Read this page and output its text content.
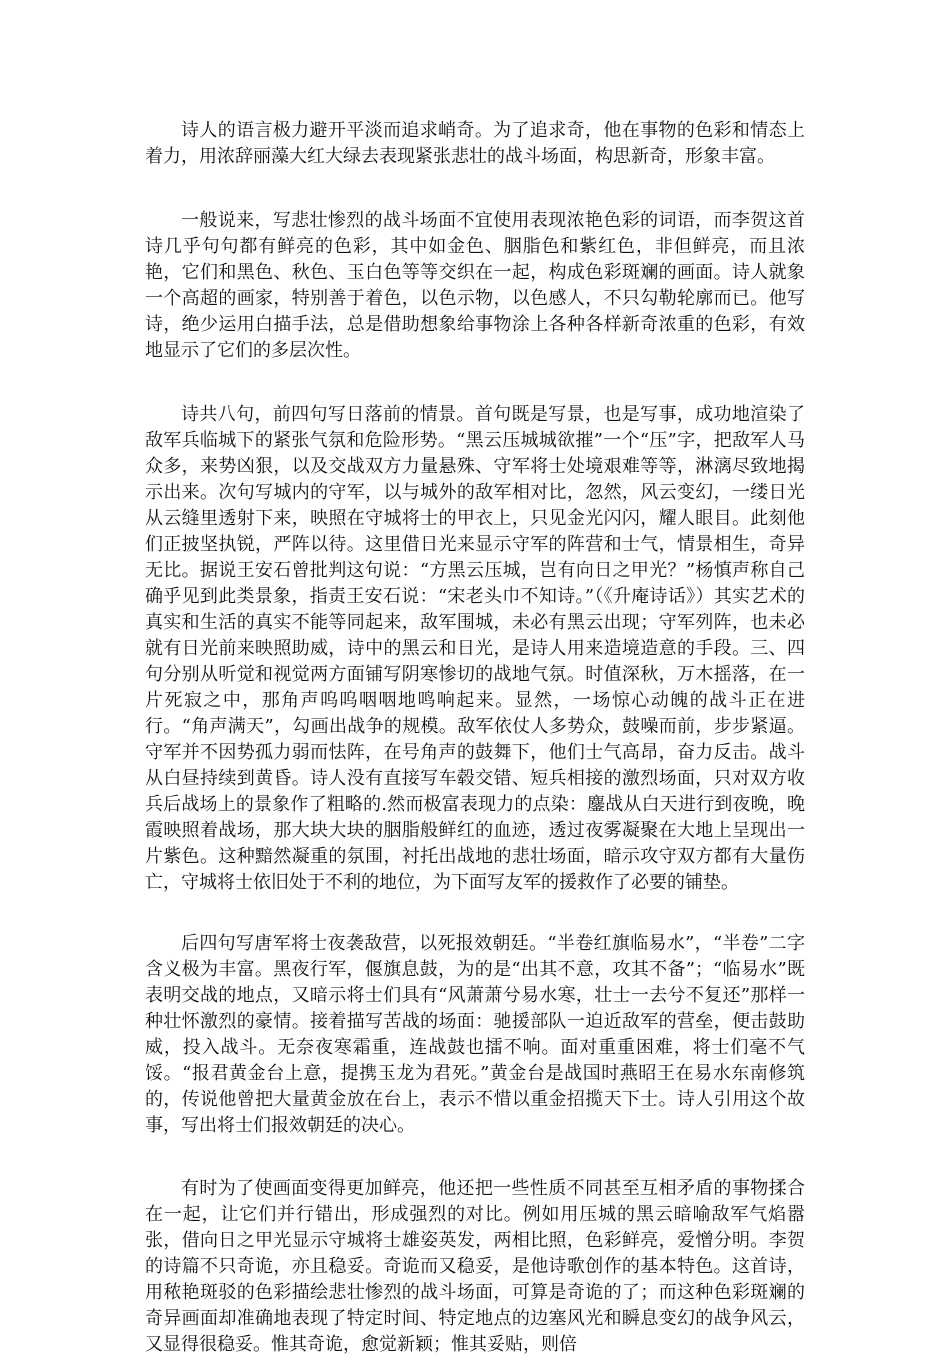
诗人的语言极力避开平淡而追求峭奇。为了追求奇，他在事物的色彩和情态上着力，用浓辞丽藻大红大绿去表现紧张悲壮的战斗场面，构思新奇，形象丰富。

一般说来，写悲壮惨烈的战斗场面不宜使用表现浓艳色彩的词语，而李贺这首诗几乎句句都有鲜亮的色彩，其中如金色、胭脂色和紫红色，非但鲜亮，而且浓艳，它们和黑色、秋色、玉白色等等交织在一起，构成色彩斑斓的画面。诗人就象一个高超的画家，特别善于着色，以色示物，以色感人，不只勾勒轮廓而已。他写诗，绝少运用白描手法，总是借助想象给事物涂上各种各样新奇浓重的色彩，有效地显示了它们的多层次性。

诗共八句，前四句写日落前的情景。首句既是写景，也是写事，成功地渲染了敌军兵临城下的紧张气氛和危险形势。“黑云压城城欲摧”一个“压”字，把敌军人马众多，来势凶狠，以及交战双方力量悬殊、守军将士处境艰难等等，淋漓尽致地揭示出来。次句写城内的守军，以与城外的敌军相对比，忽然，风云变幻，一缕日光从云缝里透射下来，映照在守城将士的甲衣上，只见金光闪闪，耀人眼目。此刻他们正披坚执锐，严阵以待。这里借日光来显示守军的阵营和士气，情景相生，奇异无比。据说王安石曾批判这句说：“方黑云压城，岂有向日之甲光？”杨慎声称自己确乎见到此类景象，指责王安石说：“宋老头巾不知诗。”（《升庵诗话》）其实艺术的真实和生活的真实不能等同起来，敌军围城，未必有黑云出现；守军列阵，也未必就有日光前来映照助威，诗中的黑云和日光，是诗人用来造境造意的手段。三、四句分别从听觉和视觉两方面铺写阴寒惨切的战地气氛。时值深秋，万木摇落，在一片死寂之中，那角声呜呜咽咽地鸣响起来。显然，一场惊心动魄的战斗正在进行。“角声满天”，勾画出战争的规模。敌军依仗人多势众，鼓噪而前，步步紧逼。守军并不因势孤力弱而怯阵，在号角声的鼓舞下，他们士气高昂，奋力反击。战斗从白昼持续到黄昏。诗人没有直接写车毂交错、短兵相接的激烈场面，只对双方收兵后战场上的景象作了粗略的.然而极富表现力的点染：鏖战从白天进行到夜晚，晚霞映照着战场，那大块大块的胭脂般鲜红的血迹，透过夜雾凝聚在大地上呈现出一片紫色。这种黯然凝重的氛围，衬托出战地的悲壮场面，暗示攻守双方都有大量伤亡，守城将士依旧处于不利的地位，为下面写友军的援救作了必要的铺垫。

后四句写唐军将士夜袭敌营，以死报效朝廷。“半卷红旗临易水”，“半卷”二字含义极为丰富。黑夜行军，偃旗息鼓，为的是“出其不意，攻其不备”；“临易水”既表明交战的地点，又暗示将士们具有“风萧萧兮易水寒，壮士一去兮不复还”那样一种壮怀激烈的豪情。接着描写苦战的场面：驰援部队一迫近敌军的营垒，便击鼓助威，投入战斗。无奈夜寒霜重，连战鼓也擂不响。面对重重困难，将士们毫不气馁。“报君黄金台上意，提携玉龙为君死。”黄金台是战国时燕昭王在易水东南修筑的，传说他曾把大量黄金放在台上，表示不惜以重金招揽天下士。诗人引用这个故事，写出将士们报效朝廷的决心。

有时为了使画面变得更加鲜亮，他还把一些性质不同甚至互相矛盾的事物揉合在一起，让它们并行错出，形成强烈的对比。例如用压城的黑云暗喻敌军气焰嚣张，借向日之甲光显示守城将士雄姿英发，两相比照，色彩鲜亮，爱憎分明。李贺的诗篇不只奇诡，亦且稳妥。奇诡而又稳妥，是他诗歌创作的基本特色。这首诗，用秾艳斑驳的色彩描绘悲壮惨烈的战斗场面，可算是奇诡的了；而这种色彩斑斓的奇异画面却准确地表现了特定时间、特定地点的边塞风光和瞬息变幻的战争风云，又显得很稳妥。惟其奇诡，愈觉新颖；惟其妥贴，则倍
